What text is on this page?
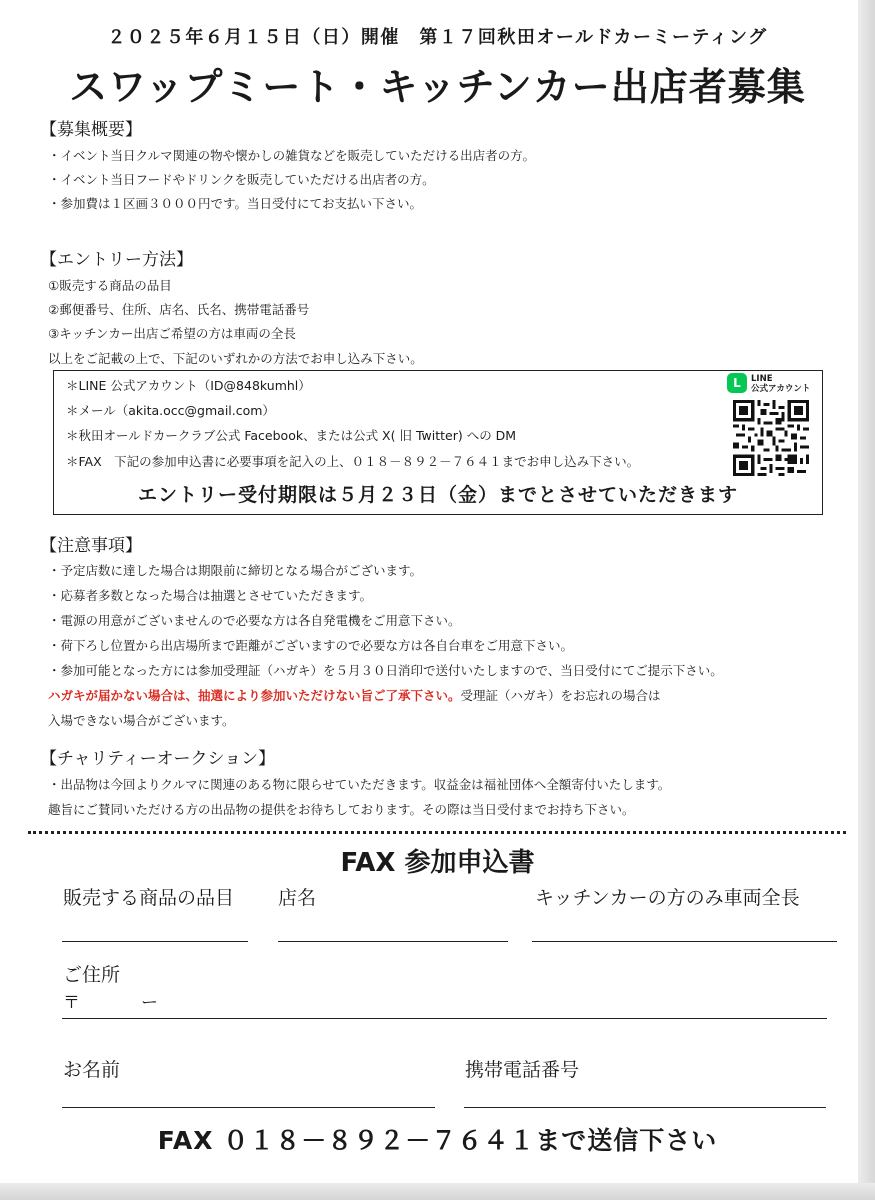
２０２５年６月１５日（日）開催　第１７回秋田オールドカーミーティング
スワップミート・キッチンカー出店者募集
【募集概要】
・イベント当日クルマ関連の物や懐かしの雑貨などを販売していただける出店者の方。
・イベント当日フードやドリンクを販売していただける出店者の方。
・参加費は１区画３０００円です。当日受付にてお支払い下さい。
【エントリー方法】
①販売する商品の品目
②郵便番号、住所、店名、氏名、携帯電話番号
③キッチンカー出店ご希望の方は車両の全長
以上をご記載の上で、下記のいずれかの方法でお申し込み下さい。
＊LINE 公式アカウント（ID@848kumhl）
＊メール（akita.occ@gmail.com）
＊秋田オールドカークラブ公式 Facebook、または公式 X( 旧 Twitter) への DM
＊FAX　下記の参加申込書に必要事項を記入の上、０１８－８９２－７６４１までお申し込み下さい。
L	LINE
公式アカウント
エントリー受付期限は５月２３日（金）までとさせていただきます
【注意事項】
・予定店数に達した場合は期限前に締切となる場合がございます。
・応募者多数となった場合は抽選とさせていただきます。
・電源の用意がございませんので必要な方は各自発電機をご用意下さい。
・荷下ろし位置から出店場所まで距離がございますので必要な方は各自台車をご用意下さい。
・参加可能となった方には参加受理証（ハガキ）を５月３０日消印で送付いたしますので、当日受付にてご提示下さい。
ハガキが届かない場合は、抽選により参加いただけない旨ご了承下さい。受理証（ハガキ）をお忘れの場合は
入場できない場合がございます。
【チャリティーオークション】
・出品物は今回よりクルマに関連のある物に限らせていただきます。収益金は福祉団体へ全額寄付いたします。
趣旨にご賛同いただける方の出品物の提供をお待ちしております。その際は当日受付までお持ち下さい。
FAX 参加申込書
販売する商品の品目 店名	キッチンカーの方のみ車両全長
ご住所
〒	ー
お名前	携帯電話番号
FAX ０１８－８９２－７６４１まで送信下さい
